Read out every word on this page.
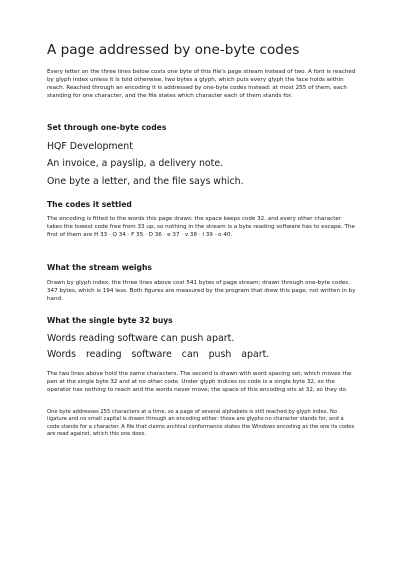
A page addressed by one-byte codes

Every letter on the three lines below costs one byte of this file's page stream instead of two. A font is reached by glyph index unless it is told otherwise, two bytes a glyph, which puts every glyph the face holds within reach. Reached through an encoding it is addressed by one-byte codes instead: at most 255 of them, each standing for one character, and the file states which character each of them stands for.

Set through one-byte codes
HQF Development
An invoice, a payslip, a delivery note.
One byte a letter, and the file says which.
The codes it settled

The encoding is fitted to the words this page draws: the space keeps code 32, and every other character takes the lowest code free from 33 up, so nothing in the stream is a byte reading software has to escape. The first of them are H 33 · Q 34 · F 35 · D 36 · e 37 · v 38 · l 39 · o 40.

What the stream weighs

Drawn by glyph index, the three lines above cost 541 bytes of page stream; drawn through one-byte codes, 347 bytes, which is 194 less. Both figures are measured by the program that drew this page, not written in by hand.

What the single byte 32 buys
Words reading software can push apart.
Words reading software can push apart.

The two lines above hold the same characters. The second is drawn with word spacing set, which moves the pen at the single byte 32 and at no other code. Under glyph indices no code is a single byte 32, so the operator has nothing to reach and the words never move; the space of this encoding sits at 32, so they do.

One byte addresses 255 characters at a time, so a page of several alphabets is still reached by glyph index. No ligature and no small capital is drawn through an encoding either: those are glyphs no character stands for, and a code stands for a character. A file that claims archival conformance states the Windows encoding as the one its codes are read against, which this one does.
